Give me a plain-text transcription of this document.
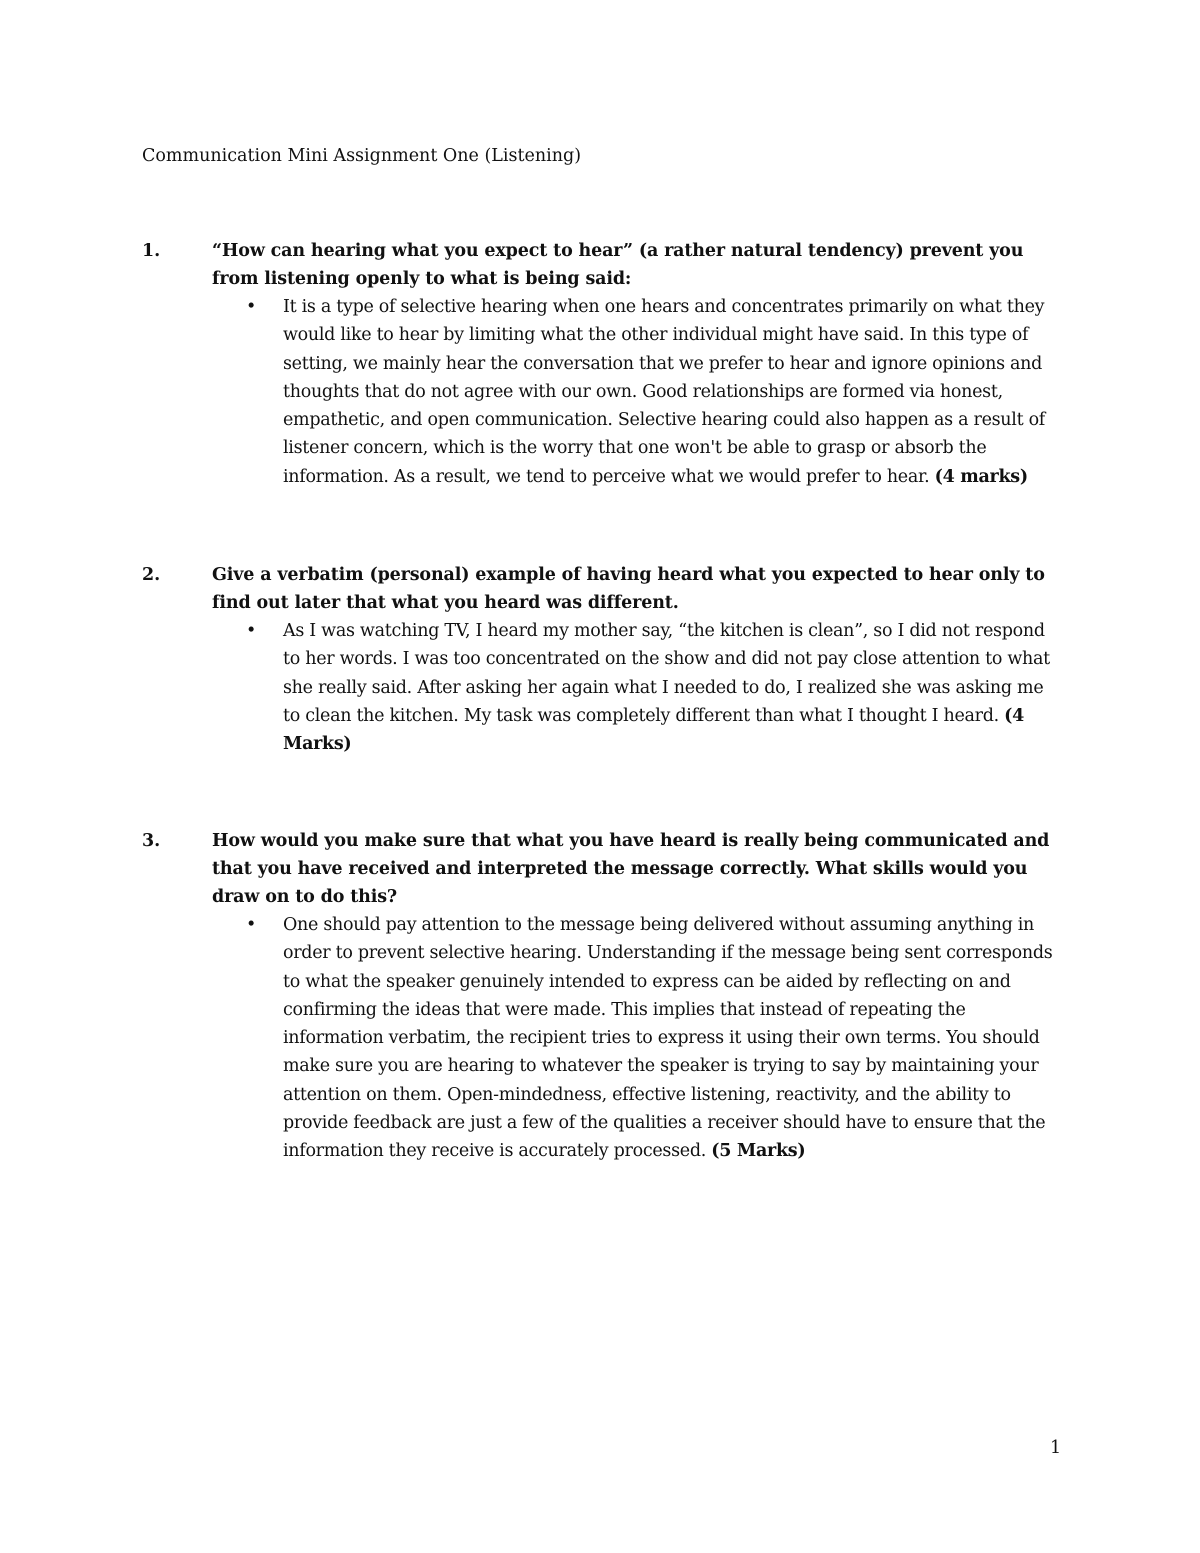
Communication Mini Assignment One (Listening)
1.	“How can hearing what you expect to hear” (a rather natural tendency) prevent you from listening openly to what is being said:
•	It is a type of selective hearing when one hears and concentrates primarily on what they would like to hear by limiting what the other individual might have said. In this type of setting, we mainly hear the conversation that we prefer to hear and ignore opinions and thoughts that do not agree with our own. Good relationships are formed via honest, empathetic, and open communication. Selective hearing could also happen as a result of listener concern, which is the worry that one won't be able to grasp or absorb the information. As a result, we tend to perceive what we would prefer to hear. (4 marks)
2.	Give a verbatim (personal) example of having heard what you expected to hear only to find out later that what you heard was different.
•	As I was watching TV, I heard my mother say, “the kitchen is clean”, so I did not respond to her words. I was too concentrated on the show and did not pay close attention to what she really said. After asking her again what I needed to do, I realized she was asking me to clean the kitchen. My task was completely different than what I thought I heard. (4 Marks)
3.	How would you make sure that what you have heard is really being communicated and that you have received and interpreted the message correctly. What skills would you draw on to do this?
•	One should pay attention to the message being delivered without assuming anything in order to prevent selective hearing. Understanding if the message being sent corresponds to what the speaker genuinely intended to express can be aided by reflecting on and confirming the ideas that were made. This implies that instead of repeating the information verbatim, the recipient tries to express it using their own terms. You should make sure you are hearing to whatever the speaker is trying to say by maintaining your attention on them. Open-mindedness, effective listening, reactivity, and the ability to provide feedback are just a few of the qualities a receiver should have to ensure that the information they receive is accurately processed. (5 Marks)
1
